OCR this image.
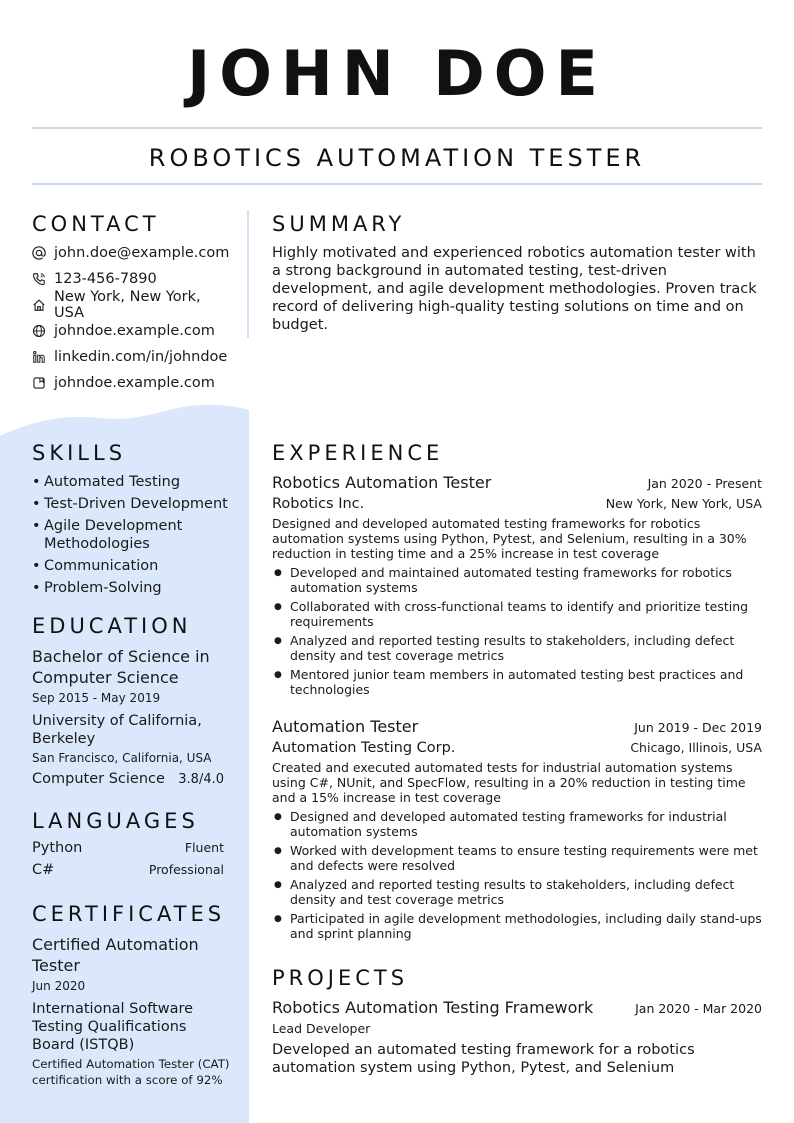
JOHN DOE
ROBOTICS AUTOMATION TESTER
CONTACT
john.doe@example.com
123-456-7890
New York, New York, USA
johndoe.example.com
linkedin.com/in/johndoe
johndoe.example.com
SKILLS
• Automated Testing
• Test-Driven Development
• Agile Development Methodologies
• Communication
• Problem-Solving
EDUCATION
Bachelor of Science in Computer Science
Sep 2015 - May 2019
University of California, Berkeley
San Francisco, California, USA
Computer Science 3.8/4.0
LANGUAGES
Python	Fluent
C#	Professional
CERTIFICATES
Certified Automation Tester
Jun 2020
International Software Testing Qualifications Board (ISTQB)
Certified Automation Tester (CAT) certification with a score of 92%
SUMMARY
Highly motivated and experienced robotics automation tester with a strong background in automated testing, test-driven development, and agile development methodologies. Proven track record of delivering high-quality testing solutions on time and on budget.
EXPERIENCE
Robotics Automation Tester	Jan 2020 - Present
Robotics Inc.	New York, New York, USA
Designed and developed automated testing frameworks for robotics automation systems using Python, Pytest, and Selenium, resulting in a 30% reduction in testing time and a 25% increase in test coverage
● Developed and maintained automated testing frameworks for robotics automation systems
● Collaborated with cross-functional teams to identify and prioritize testing requirements
● Analyzed and reported testing results to stakeholders, including defect density and test coverage metrics
● Mentored junior team members in automated testing best practices and technologies
Automation Tester	Jun 2019 - Dec 2019
Automation Testing Corp.	Chicago, Illinois, USA
Created and executed automated tests for industrial automation systems using C#, NUnit, and SpecFlow, resulting in a 20% reduction in testing time and a 15% increase in test coverage
● Designed and developed automated testing frameworks for industrial automation systems
● Worked with development teams to ensure testing requirements were met and defects were resolved
● Analyzed and reported testing results to stakeholders, including defect density and test coverage metrics
● Participated in agile development methodologies, including daily stand-ups and sprint planning
PROJECTS
Robotics Automation Testing Framework	Jan 2020 - Mar 2020
Lead Developer
Developed an automated testing framework for a robotics automation system using Python, Pytest, and Selenium
